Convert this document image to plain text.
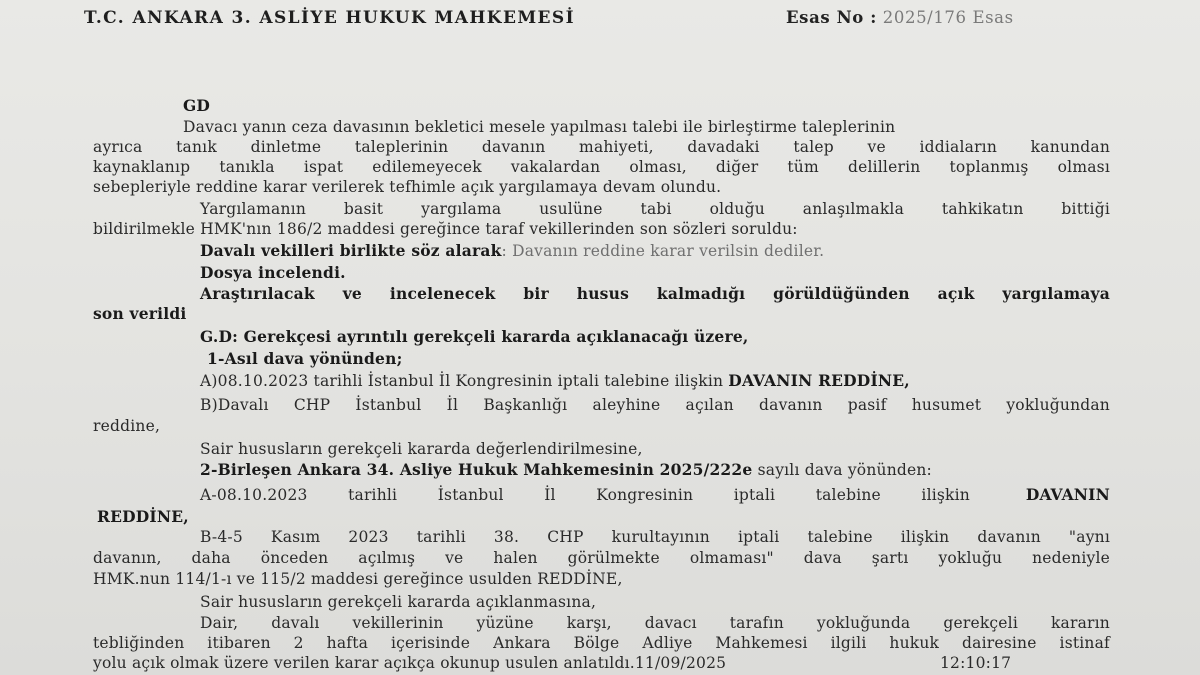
T.C. ANKARA 3. ASLİYE HUKUK MAHKEMESİ	Esas No : 2025/176 Esas
GD
Davacı yanın ceza davasının bekletici mesele yapılması talebi ile birleştirme taleplerinin
ayrıca tanık dinletme taleplerinin davanın mahiyeti, davadaki talep ve iddiaların kanundan
kaynaklanıp tanıkla ispat edilemeyecek vakalardan olması, diğer tüm delillerin toplanmış olması
sebepleriyle reddine karar verilerek tefhimle açık yargılamaya devam olundu.
Yargılamanın basit yargılama usulüne tabi olduğu anlaşılmakla tahkikatın bittiği
bildirilmekle HMK'nın 186/2 maddesi gereğince taraf vekillerinden son sözleri soruldu:
Davalı vekilleri birlikte söz alarak: Davanın reddine karar verilsin dediler.
Dosya incelendi.
Araştırılacak ve incelenecek bir husus kalmadığı görüldüğünden açık yargılamaya
son verildi
G.D: Gerekçesi ayrıntılı gerekçeli kararda açıklanacağı üzere,
1-Asıl dava yönünden;
A)08.10.2023 tarihli İstanbul İl Kongresinin iptali talebine ilişkin DAVANIN REDDİNE,
B)Davalı CHP İstanbul İl Başkanlığı aleyhine açılan davanın pasif husumet yokluğundan
reddine,
Sair hususların gerekçeli kararda değerlendirilmesine,
2-Birleşen Ankara 34. Asliye Hukuk Mahkemesinin 2025/222e sayılı dava yönünden:
A-08.10.2023 tarihli İstanbul İl Kongresinin iptali talebine ilişkin	DAVANIN
REDDİNE,
B-4-5 Kasım 2023 tarihli 38. CHP kurultayının iptali talebine ilişkin davanın "aynı
davanın, daha önceden açılmış ve halen görülmekte olmaması" dava şartı yokluğu nedeniyle
HMK.nun 114/1-ı ve 115/2 maddesi gereğince usulden REDDİNE,
Sair hususların gerekçeli kararda açıklanmasına,
Dair, davalı vekillerinin yüzüne karşı, davacı tarafın yokluğunda gerekçeli kararın
tebliğinden itibaren 2 hafta içerisinde Ankara Bölge Adliye Mahkemesi ilgili hukuk dairesine istinaf
yolu açık olmak üzere verilen karar açıkça okunup usulen anlatıldı.11/09/2025	12:10:17
